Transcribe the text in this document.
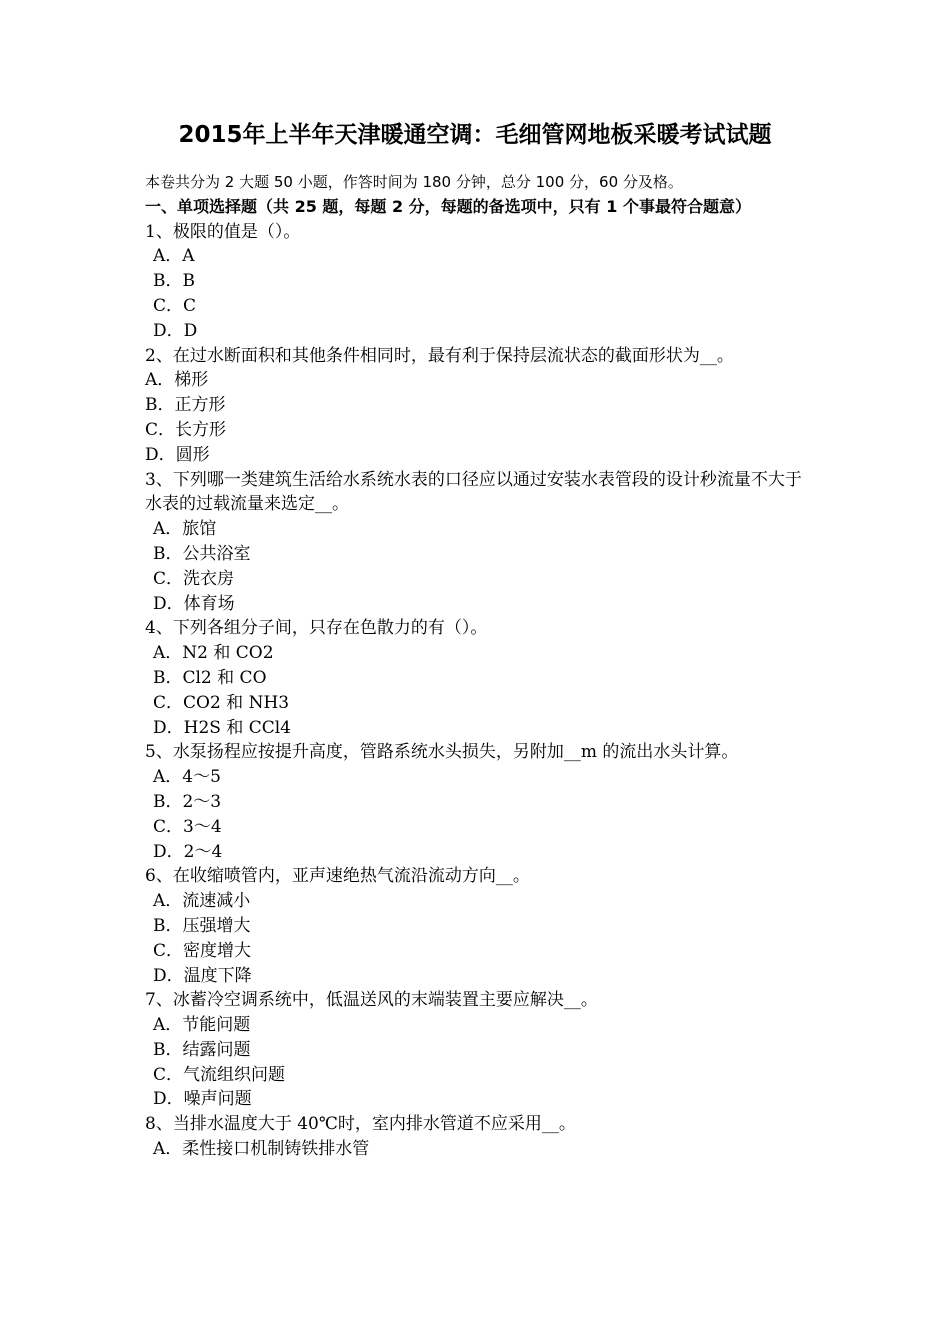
2015年上半年天津暖通空调：毛细管网地板采暖考试试题
本卷共分为 2 大题 50 小题，作答时间为 180 分钟，总分 100 分，60 分及格。
一、单项选择题（共 25 题，每题 2 分，每题的备选项中，只有 1 个事最符合题意）
1、极限的值是（）。
A．A
B．B
C．C
D．D
2、在过水断面积和其他条件相同时，最有利于保持层流状态的截面形状为__。
A．梯形
B．正方形
C．长方形
D．圆形
3、下列哪一类建筑生活给水系统水表的口径应以通过安装水表管段的设计秒流量不大于水表的过载流量来选定__。
A．旅馆
B．公共浴室
C．洗衣房
D．体育场
4、下列各组分子间，只存在色散力的有（）。
A．N2 和 CO2
B．Cl2 和 CO
C．CO2 和 NH3
D．H2S 和 CCl4
5、水泵扬程应按提升高度，管路系统水头损失，另附加__m 的流出水头计算。
A．4～5
B．2～3
C．3～4
D．2～4
6、在收缩喷管内，亚声速绝热气流沿流动方向__。
A．流速减小
B．压强增大
C．密度增大
D．温度下降
7、冰蓄冷空调系统中，低温送风的末端装置主要应解决__。
A．节能问题
B．结露问题
C．气流组织问题
D．噪声问题
8、当排水温度大于 40℃时，室内排水管道不应采用__。
A．柔性接口机制铸铁排水管
